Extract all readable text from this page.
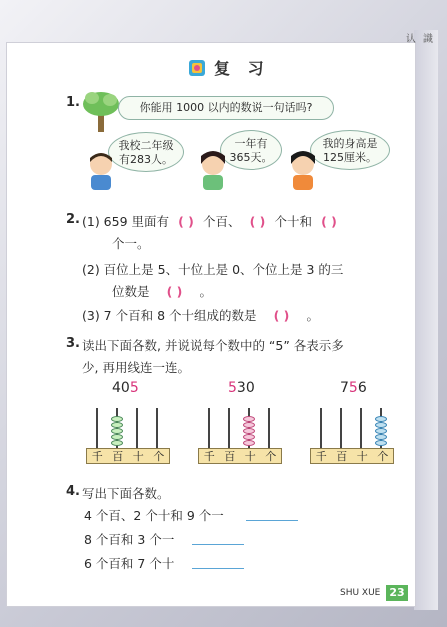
认 識
复 习
1.	你能用 1000 以内的数说一句话吗?
我校二年级
有283人。
一年有
365天。
我的身高是
125厘米。
2. (1) 659 里面有 ( ) 个百、 ( ) 个十和 ( )
个一。
(2) 百位上是 5、十位上是 0、个位上是 3 的三
位数是 ( ) 。
(3) 7 个百和 8 个十组成的数是 ( ) 。
3. 读出下面各数, 并说说每个数中的 “5” 各表示多
少, 再用线连一连。
405	530	756
千 百 十 个	千 百 十 个	千 百 十 个
4. 写出下面各数。
4 个百、2 个十和 9 个一
8 个百和 3 个一
6 个百和 7 个十
SHU XUE 23
